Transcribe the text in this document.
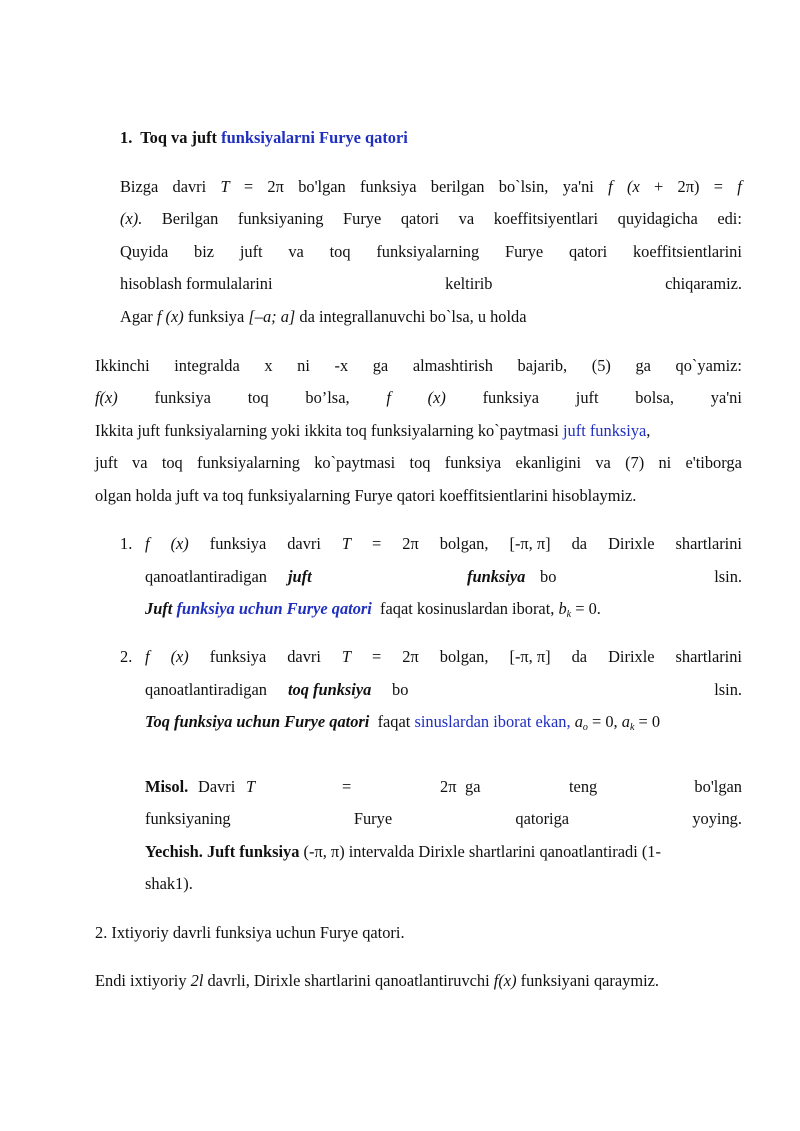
1. Toq va juft funksiyalarni Furye qatori
Bizga davri T = 2π bo'lgan funksiya berilgan bo`lsin, ya'ni f (x + 2π) = f
(x). Berilgan funksiyaning Furye qatori va koeffitsiyentlari quyidagicha edi:
Quyida biz juft va toq funksiyalarning Furye qatori koeffitsientlarini
hisoblash formulalarini	keltirib	chiqaramiz.
Agar f (x) funksiya [–a; a] da integrallanuvchi bo`lsa, u holda
Ikkinchi integralda x ni -x ga almashtirish bajarib, (5) ga qo`yamiz:
f(x) funksiya toq bo’lsa, f (x) funksiya juft bolsa, ya'ni
Ikkita juft funksiyalarning yoki ikkita toq funksiyalarning ko`paytmasi juft funksiya,
juft va toq funksiyalarning ko`paytmasi toq funksiya ekanligini va (7) ni e'tiborga
olgan holda juft va toq funksiyalarning Furye qatori koeffitsientlarini hisoblaymiz.
1. f (x) funksiya davri T = 2π bolgan, [-π, π] da Dirixle shartlarini
qanoatlantiradigan juft	funksiya bo	lsin.
Juft funksiya uchun Furye qatori faqat kosinuslardan iborat, $b_k = 0$.
2. f (x) funksiya davri T = 2π bolgan, [-π, π] da Dirixle shartlarini
qanoatlantiradigan toq funksiya bo	lsin.
Toq funksiya uchun Furye qatori faqat sinuslardan iborat ekan, $a_o = 0$, $a_k = 0$
Misol. Davri T	=	2π ga	teng	bo'lgan
funksiyaning	Furye	qatoriga	yoying.
Yechish. Juft funksiya (-π, π) intervalda Dirixle shartlarini qanoatlantiradi (1-
shak1).
2. Ixtiyoriy davrli funksiya uchun Furye qatori.
Endi ixtiyoriy 2l davrli, Dirixle shartlarini qanoatlantiruvchi f(x) funksiyani qaraymiz.
